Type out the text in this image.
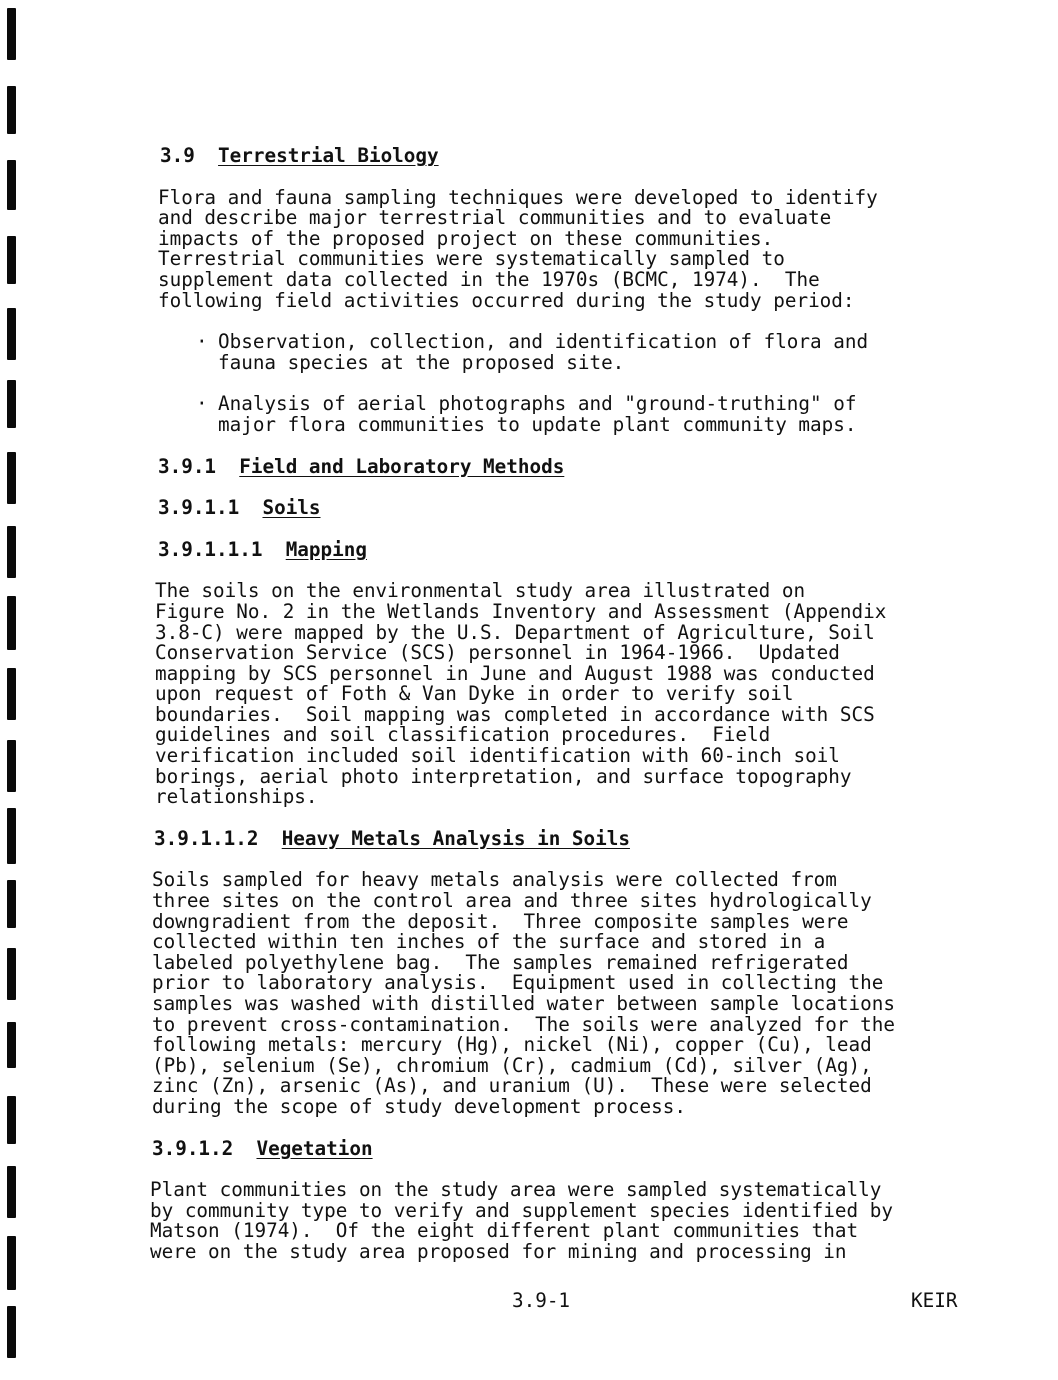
3.9 Terrestrial Biology
Flora and fauna sampling techniques were developed to identify
and describe major terrestrial communities and to evaluate
impacts of the proposed project on these communities.
Terrestrial communities were systematically sampled to
supplement data collected in the 1970s (BCMC, 1974).  The
following field activities occurred during the study period:
· Observation, collection, and identification of flora and
fauna species at the proposed site.
· Analysis of aerial photographs and "ground-truthing" of
major flora communities to update plant community maps.
3.9.1 Field and Laboratory Methods
3.9.1.1 Soils
3.9.1.1.1 Mapping
The soils on the environmental study area illustrated on
Figure No. 2 in the Wetlands Inventory and Assessment (Appendix
3.8-C) were mapped by the U.S. Department of Agriculture, Soil
Conservation Service (SCS) personnel in 1964-1966.  Updated
mapping by SCS personnel in June and August 1988 was conducted
upon request of Foth & Van Dyke in order to verify soil
boundaries.  Soil mapping was completed in accordance with SCS
guidelines and soil classification procedures.  Field
verification included soil identification with 60-inch soil
borings, aerial photo interpretation, and surface topography
relationships.
3.9.1.1.2 Heavy Metals Analysis in Soils
Soils sampled for heavy metals analysis were collected from
three sites on the control area and three sites hydrologically
downgradient from the deposit.  Three composite samples were
collected within ten inches of the surface and stored in a
labeled polyethylene bag.  The samples remained refrigerated
prior to laboratory analysis.  Equipment used in collecting the
samples was washed with distilled water between sample locations
to prevent cross-contamination.  The soils were analyzed for the
following metals: mercury (Hg), nickel (Ni), copper (Cu), lead
(Pb), selenium (Se), chromium (Cr), cadmium (Cd), silver (Ag),
zinc (Zn), arsenic (As), and uranium (U).  These were selected
during the scope of study development process.
3.9.1.2 Vegetation
Plant communities on the study area were sampled systematically
by community type to verify and supplement species identified by
Matson (1974).  Of the eight different plant communities that
were on the study area proposed for mining and processing in
3.9-1	KEIR
